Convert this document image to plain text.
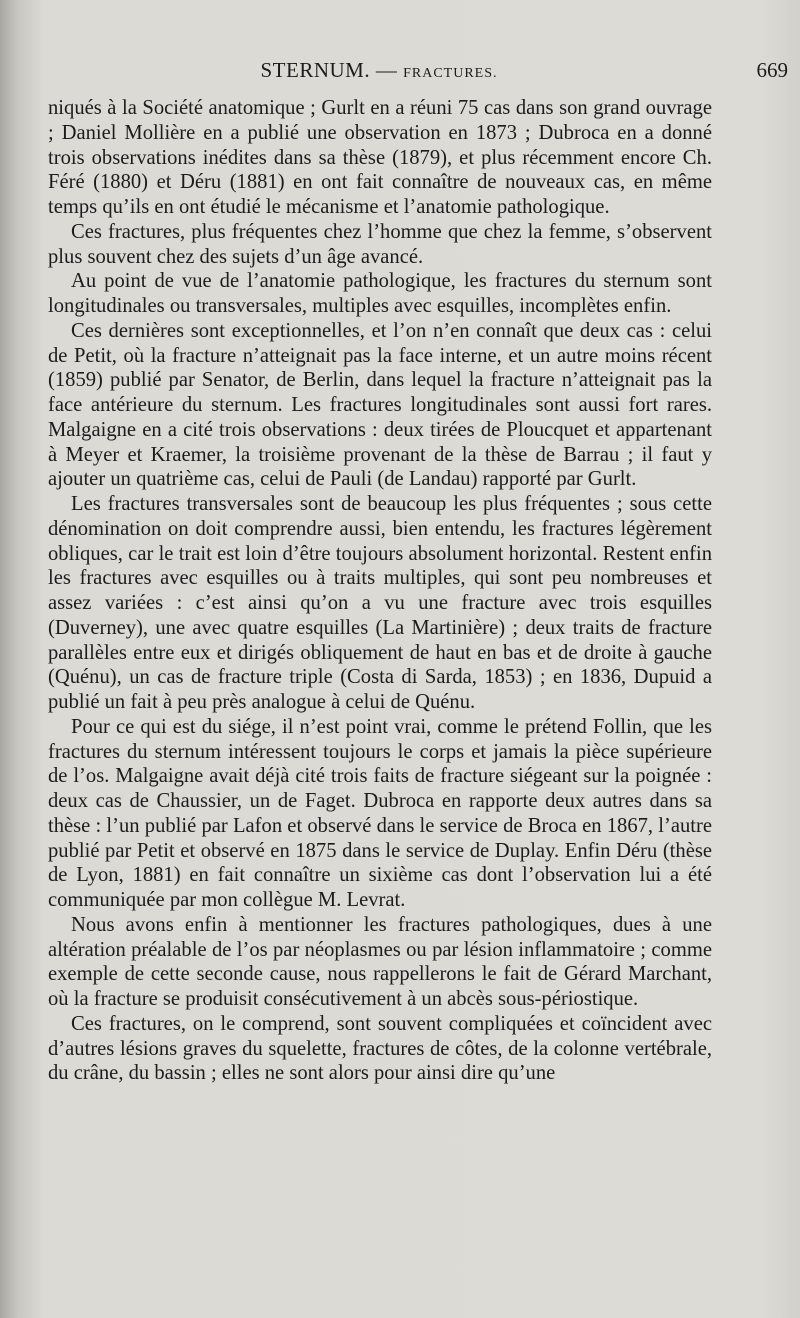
STERNUM. — FRACTURES.	669

niqués à la Société anatomique ; Gurlt en a réuni 75 cas dans son grand ouvrage ; Daniel Mollière en a publié une observation en 1873 ; Dubroca en a donné trois observations inédites dans sa thèse (1879), et plus récemment encore Ch. Féré (1880) et Déru (1881) en ont fait connaître de nouveaux cas, en même temps qu’ils en ont étudié le mécanisme et l’anatomie pathologique.

Ces fractures, plus fréquentes chez l’homme que chez la femme, s’observent plus souvent chez des sujets d’un âge avancé.

Au point de vue de l’anatomie pathologique, les fractures du sternum sont longitudinales ou transversales, multiples avec esquilles, incomplètes enfin.

Ces dernières sont exceptionnelles, et l’on n’en connaît que deux cas : celui de Petit, où la fracture n’atteignait pas la face interne, et un autre moins récent (1859) publié par Senator, de Berlin, dans lequel la fracture n’atteignait pas la face antérieure du sternum. Les fractures longitudinales sont aussi fort rares. Malgaigne en a cité trois observations : deux tirées de Ploucquet et appartenant à Meyer et Kraemer, la troisième provenant de la thèse de Barrau ; il faut y ajouter un quatrième cas, celui de Pauli (de Landau) rapporté par Gurlt.

Les fractures transversales sont de beaucoup les plus fréquentes ; sous cette dénomination on doit comprendre aussi, bien entendu, les fractures légèrement obliques, car le trait est loin d’être toujours absolument horizontal. Restent enfin les fractures avec esquilles ou à traits multiples, qui sont peu nombreuses et assez variées : c’est ainsi qu’on a vu une fracture avec trois esquilles (Duverney), une avec quatre esquilles (La Martinière) ; deux traits de fracture parallèles entre eux et dirigés obliquement de haut en bas et de droite à gauche (Quénu), un cas de fracture triple (Costa di Sarda, 1853) ; en 1836, Dupuid a publié un fait à peu près analogue à celui de Quénu.

Pour ce qui est du siége, il n’est point vrai, comme le prétend Follin, que les fractures du sternum intéressent toujours le corps et jamais la pièce supérieure de l’os. Malgaigne avait déjà cité trois faits de fracture siégeant sur la poignée : deux cas de Chaussier, un de Faget. Dubroca en rapporte deux autres dans sa thèse : l’un publié par Lafon et observé dans le service de Broca en 1867, l’autre publié par Petit et observé en 1875 dans le service de Duplay. Enfin Déru (thèse de Lyon, 1881) en fait connaître un sixième cas dont l’observation lui a été communiquée par mon collègue M. Levrat.

Nous avons enfin à mentionner les fractures pathologiques, dues à une altération préalable de l’os par néoplasmes ou par lésion inflammatoire ; comme exemple de cette seconde cause, nous rappellerons le fait de Gérard Marchant, où la fracture se produisit consécutivement à un abcès sous-périostique.

Ces fractures, on le comprend, sont souvent compliquées et coïncident avec d’autres lésions graves du squelette, fractures de côtes, de la colonne vertébrale, du crâne, du bassin ; elles ne sont alors pour ainsi dire qu’une
